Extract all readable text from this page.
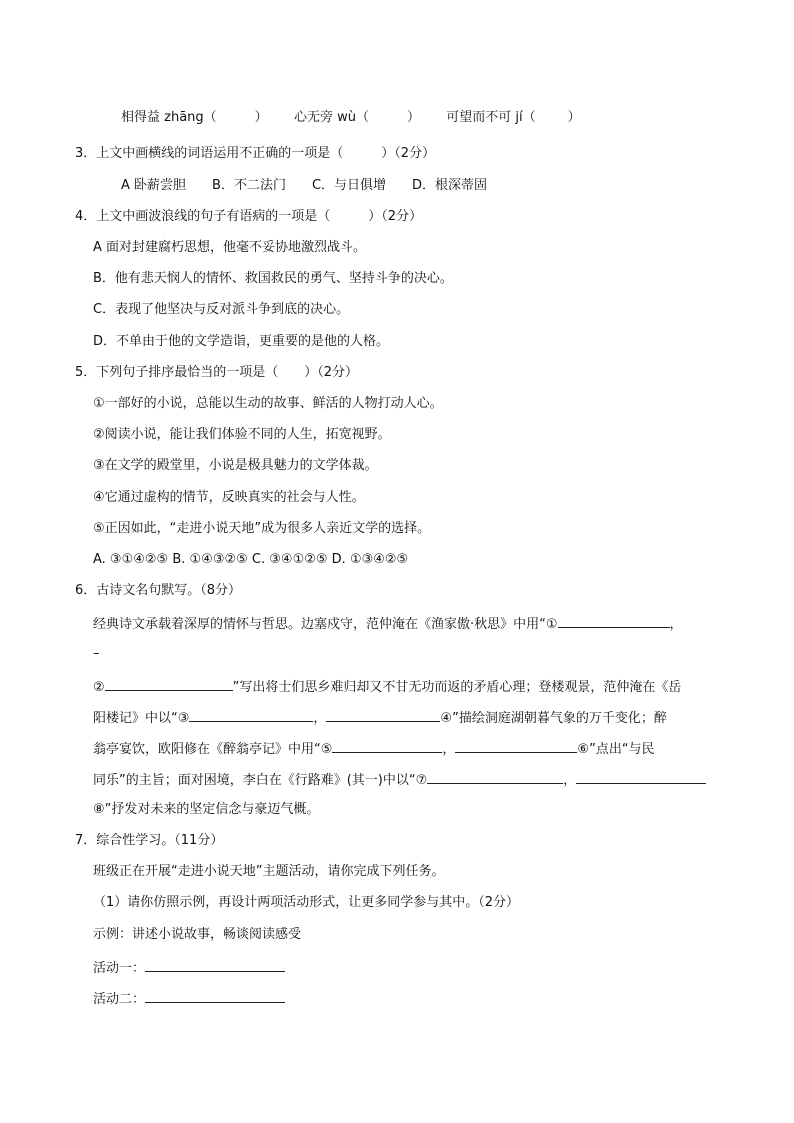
相得益 zhāng（	） 心无旁 wù（	） 可望而不可 jí（ ）
3．上文中画横线的词语运用不正确的一项是（	）（2分）
A 卧薪尝胆　　B．不二法门　　C．与日俱增　　D．根深蒂固
4．上文中画波浪线的句子有语病的一项是（	）（2分）
A 面对封建腐朽思想，他毫不妥协地激烈战斗。
B．他有悲天悯人的情怀、救国救民的勇气、坚持斗争的决心。
C．表现了他坚决与反对派斗争到底的决心。
D．不单由于他的文学造诣，更重要的是他的人格。
5．下列句子排序最恰当的一项是（　　）（2分）
①一部好的小说，总能以生动的故事、鲜活的人物打动人心。
②阅读小说，能让我们体验不同的人生，拓宽视野。
③在文学的殿堂里，小说是极具魅力的文学体裁。
④它通过虚构的情节，反映真实的社会与人性。
⑤正因如此，“走进小说天地”成为很多人亲近文学的选择。
A. ③①④②⑤ B. ①④③②⑤ C. ③④①②⑤ D. ①③④②⑤
6．古诗文名句默写。（8分）
经典诗文承载着深厚的情怀与哲思。边塞戍守，范仲淹在《渔家傲·秋思》中用“①	，
–
②	”写出将士们思乡难归却又不甘无功而返的矛盾心理；登楼观景，范仲淹在《岳
阳楼记》中以“③	，	④”描绘洞庭湖朝暮气象的万千变化；醉
翁亭宴饮，欧阳修在《醉翁亭记》中用“⑤	，	⑥”点出“与民
同乐”的主旨；面对困境，李白在《行路难》(其一)中以“⑦	，
⑧”抒发对未来的坚定信念与豪迈气概。
7．综合性学习。（11分）
班级正在开展“走进小说天地”主题活动，请你完成下列任务。
（1）请你仿照示例，再设计两项活动形式，让更多同学参与其中。（2分）
示例：讲述小说故事，畅谈阅读感受
活动一：
活动二：
